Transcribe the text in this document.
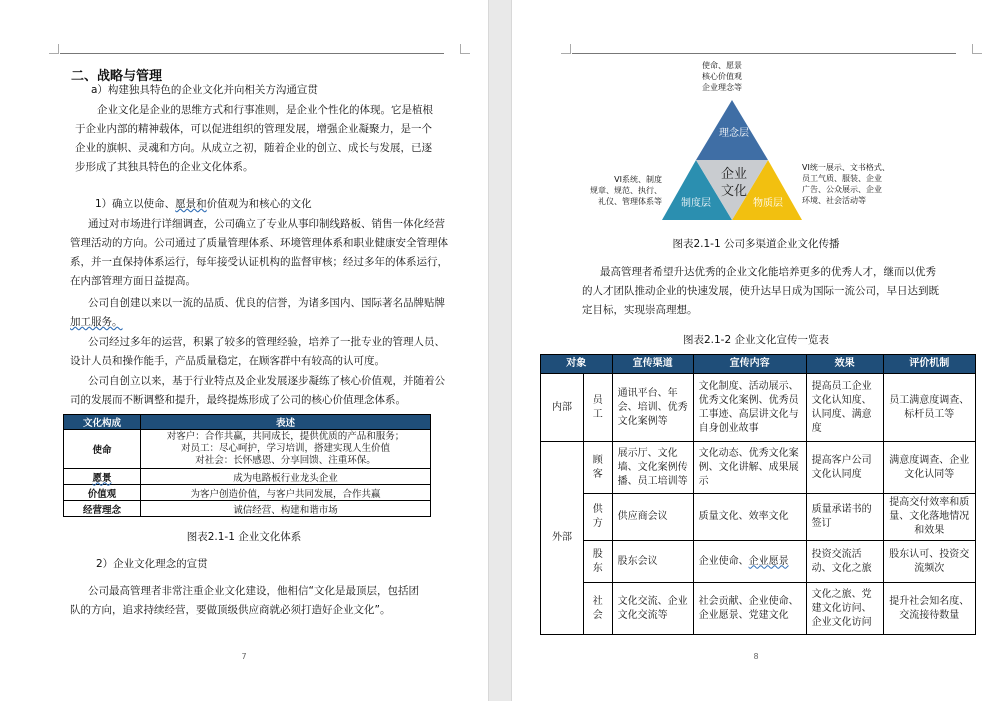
二、战略与管理
a）构建独具特色的企业文化并向相关方沟通宣贯
企业文化是企业的思维方式和行事准则，是企业个性化的体现。它是植根
于企业内部的精神载体，可以促进组织的管理发展，增强企业凝聚力，是一个
企业的旗帜、灵魂和方向。从成立之初，随着企业的创立、成长与发展，已逐
步形成了其独具特色的企业文化体系。
1）确立以使命、愿景和价值观为和核心的文化
通过对市场进行详细调查，公司确立了专业从事印制线路板、销售一体化经营
管理活动的方向。公司通过了质量管理体系、环境管理体系和职业健康安全管理体
系，并一直保持体系运行，每年接受认证机构的监督审核；经过多年的体系运行，
在内部管理方面日益提高。
公司自创建以来以一流的品质、优良的信誉，为诸多国内、国际著名品牌贴牌
加工服务。
公司经过多年的运营，积累了较多的管理经验，培养了一批专业的管理人员、
设计人员和操作能手，产品质量稳定，在顾客群中有较高的认可度。
公司自创立以来，基于行业特点及企业发展逐步凝练了核心价值观，并随着公
司的发展而不断调整和提升，最终提炼形成了公司的核心价值理念体系。
文化构成	表述
使命	对客户：合作共赢，共同成长，提供优质的产品和服务；
对员工：尽心呵护，学习培训，搭建实现人生价值
对社会：长怀感恩、分享回馈、注重环保。

愿景	成为电路板行业龙头企业
价值观	为客户创造价值，与客户共同发展，合作共赢
经营理念	诚信经营、构建和谐市场
图表2.1-1 企业文化体系
2）企业文化理念的宣贯
公司最高管理者非常注重企业文化建设，他相信“文化是最顶层，包括团
队的方向，追求持续经营，要做顶级供应商就必须打造好企业文化”。
7
使命、愿景
核心价值观
企业理念等
VI系统、制度
规章、规范、执行、
礼仪、管理体系等
VI统一展示、文书格式、
员工气质、服装、企业
广告、公众展示、企业
环境、社会活动等
理念层
制度层	物质层
企业
文化
图表2.1-1 公司多渠道企业文化传播
最高管理者希望升达优秀的企业文化能培养更多的优秀人才，继而以优秀
的人才团队推动企业的快速发展，使升达早日成为国际一流公司，早日达到既
定目标，实现崇高理想。
图表2.1-2 企业文化宣传一览表
对象		宣传渠道	宣传内容	效果	评价机制
内部	员工	通讯平台、年会、培训、优秀文化案例等	文化制度、活动展示、优秀文化案例、优秀员工事迹、高层讲文化与自身创业故事	提高员工企业文化认知度、认同度、满意度	员工满意度调查、标杆员工等
外部	顾客	展示厅、文化墙、文化案例传播、员工培训等	文化动态、优秀文化案例、文化讲解、成果展示	提高客户公司文化认同度	满意度调查、企业文化认同等
	供方	供应商会议	质量文化、效率文化	质量承诺书的签订	提高交付效率和质量、文化落地情况和效果
	股东	股东会议	企业使命、企业愿景	投资交流活动、文化之旅	股东认可、投资交流频次
	社会	文化交流、企业文化交流等	社会贡献、企业使命、企业愿景、党建文化	文化之旅、党建文化访问、企业文化访问	提升社会知名度、交流接待数量
8
